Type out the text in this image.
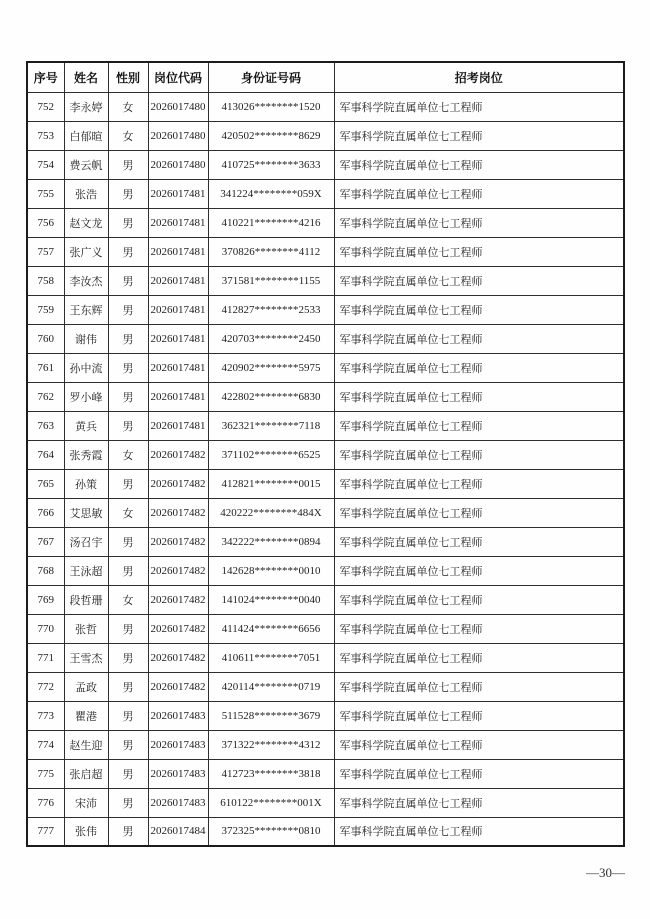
序号	姓名	性别	岗位代码	身份证号码	招考岗位
752	李永婷	女	2026017480	413026********1520	军事科学院直属单位七工程师
753	白郁暄	女	2026017480	420502********8629	军事科学院直属单位七工程师
754	费云帆	男	2026017480	410725********3633	军事科学院直属单位七工程师
755	张浩	男	2026017481	341224********059X	军事科学院直属单位七工程师
756	赵文龙	男	2026017481	410221********4216	军事科学院直属单位七工程师
757	张广义	男	2026017481	370826********4112	军事科学院直属单位七工程师
758	李汝杰	男	2026017481	371581********1155	军事科学院直属单位七工程师
759	王东辉	男	2026017481	412827********2533	军事科学院直属单位七工程师
760	谢伟	男	2026017481	420703********2450	军事科学院直属单位七工程师
761	孙中流	男	2026017481	420902********5975	军事科学院直属单位七工程师
762	罗小峰	男	2026017481	422802********6830	军事科学院直属单位七工程师
763	黄兵	男	2026017481	362321********7118	军事科学院直属单位七工程师
764	张秀霞	女	2026017482	371102********6525	军事科学院直属单位七工程师
765	孙策	男	2026017482	412821********0015	军事科学院直属单位七工程师
766	艾思敏	女	2026017482	420222********484X	军事科学院直属单位七工程师
767	汤召宇	男	2026017482	342222********0894	军事科学院直属单位七工程师
768	王泳超	男	2026017482	142628********0010	军事科学院直属单位七工程师
769	段哲珊	女	2026017482	141024********0040	军事科学院直属单位七工程师
770	张哲	男	2026017482	411424********6656	军事科学院直属单位七工程师
771	王雪杰	男	2026017482	410611********7051	军事科学院直属单位七工程师
772	孟政	男	2026017482	420114********0719	军事科学院直属单位七工程师
773	瞿港	男	2026017483	511528********3679	军事科学院直属单位七工程师
774	赵生迎	男	2026017483	371322********4312	军事科学院直属单位七工程师
775	张启超	男	2026017483	412723********3818	军事科学院直属单位七工程师
776	宋沛	男	2026017483	610122********001X	军事科学院直属单位七工程师
777	张伟	男	2026017484	372325********0810	军事科学院直属单位七工程师
—30—
